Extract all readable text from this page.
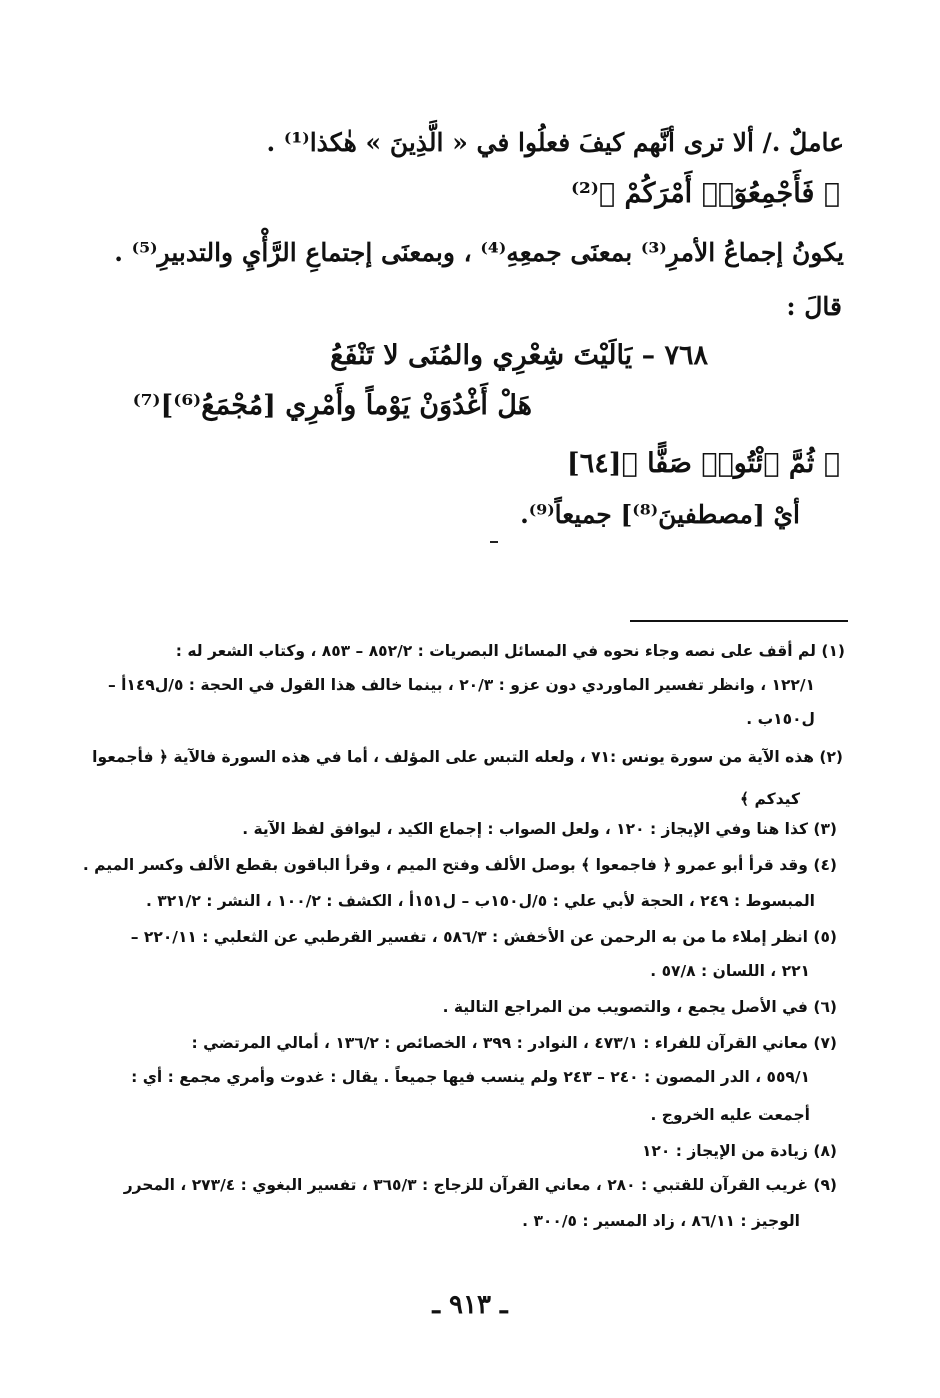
عاملٌ ./ ألا ترى أنَّهم كيفَ فعلُوا في « الَّذِينَ » هٰكذا⁽¹⁾ .
﴿ فَأَجْمِعُوٓا۟ أَمْرَكُمْ ﴾⁽²⁾
يكونُ إجماعُ الأمرِ⁽³⁾ بمعنَى جمعِهِ⁽⁴⁾ ، وبمعنَى إجتماعِ الرَّأْيِ والتدبيرِ⁽⁵⁾ .
قالَ :
٧٦٨ – يَالَيْتَ شِعْرِي والمُنَى لا تَنْفَعُ
هَلْ أَغْدُوَنْ يَوْماً وأَمْرِي [مُجْمَعُ⁽⁶⁾]⁽⁷⁾
﴿ ثُمَّ ٱئْتُوا۟ صَفًّا ﴾[٦٤]
أيْ [مصطفينَ⁽⁸⁾] جميعاً⁽⁹⁾.
(١) لم أقف على نصه وجاء نحوه في المسائل البصريات : ٨٥٢/٢ – ٨٥٣ ، وكتاب الشعر له :
١٢٢/١ ، وانظر تفسير الماوردي دون عزو : ٢٠/٣ ، بينما خالف هذا القول في الحجة : ٥/ل١٤٩أ –
ل١٥٠ب .
(٢) هذه الآية من سورة يونس :٧١ ، ولعله التبس على المؤلف ، أما في هذه السورة فالآية ﴿ فأجمعوا
كيدكم ﴾
(٣) كذا هنا وفي الإيجاز : ١٢٠ ، ولعل الصواب : إجماع الكيد ، ليوافق لفظ الآية .
(٤) وقد قرأ أبو عمرو ﴿ فاجمعوا ﴾ بوصل الألف وفتح الميم ، وقرأ الباقون بقطع الألف وكسر الميم .
المبسوط : ٢٤٩ ، الحجة لأبي علي : ٥/ل١٥٠ب – ل١٥١أ ، الكشف : ١٠٠/٢ ، النشر : ٣٢١/٢ .
(٥) انظر إملاء ما من به الرحمن عن الأخفش : ٥٨٦/٣ ، تفسير القرطبي عن الثعلبي : ٢٢٠/١١ –
٢٢١ ، اللسان : ٥٧/٨ .
(٦) في الأصل يجمع ، والتصويب من المراجع التالية .
(٧) معاني القرآن للفراء : ٤٧٣/١ ، النوادر : ٣٩٩ ، الخصائص : ١٣٦/٢ ، أمالي المرتضي :
٥٥٩/١ ، الدر المصون : ٢٤٠ – ٢٤٣ ولم ينسب فيها جميعاً . يقال : غدوت وأمري مجمع : أي :
أجمعت عليه الخروج .
(٨) زيادة من الإيجاز : ١٢٠
(٩) غريب القرآن للقتبي : ٢٨٠ ، معاني القرآن للزجاج : ٣٦٥/٣ ، تفسير البغوي : ٢٧٣/٤ ، المحرر
الوجيز : ٨٦/١١ ، زاد المسير : ٣٠٠/٥ .
ـ ٩١٣ ـ
